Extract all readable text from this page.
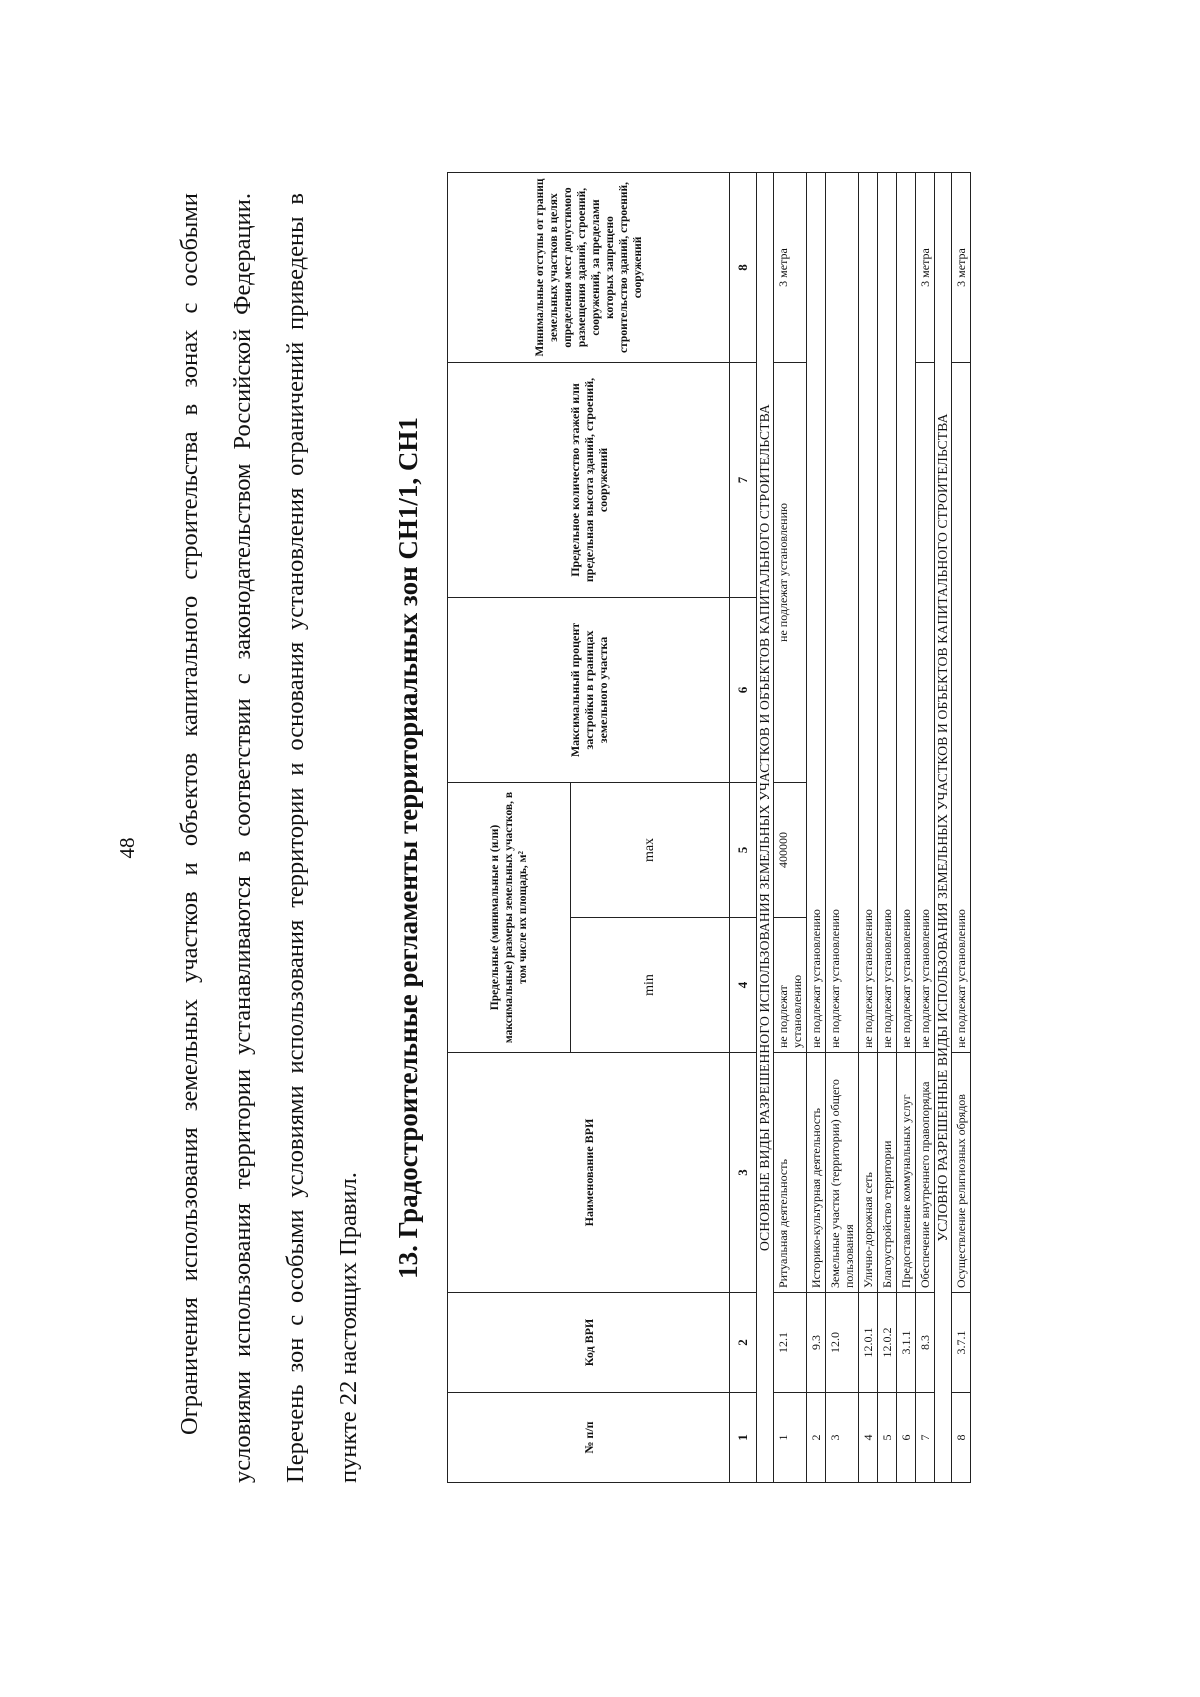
48	Ограничения использования земельных участков и объектов капитального строительства в зонах с особыми условиями использования территории устанавливаются в соответствии с законодательством Российской Федерации. Перечень зон с особыми условиями использования территории и основания установления ограничений приведены в пункте 22 настоящих Правил.

13. Градостроительные регламенты территориальных зон СН1/1, СН1
№ п/п	Код ВРИ	Наименование ВРИ	Предельные (минимальные и (или) максимальные) размеры земельных участков, в том числе их площадь, м²		Максимальный процент застройки в границах земельного участка	Предельное количество этажей или предельная высота зданий, строений, сооружений	Минимальные отступы от границ земельных участков в целях определения мест допустимого размещения зданий, строений, сооружений, за пределами которых запрещено строительство зданий, строений, сооружений
			min	max			
1	2	3	4	5	6	7	8
ОСНОВНЫЕ ВИДЫ РАЗРЕШЕННОГО ИСПОЛЬЗОВАНИЯ ЗЕМЕЛЬНЫХ УЧАСТКОВ И ОБЪЕКТОВ КАПИТАЛЬНОГО СТРОИТЕЛЬСТВА							
1	12.1	Ритуальная деятельность	не подлежат установлению	400000	не подлежат установлению		3 метра
2	9.3	Историко-культурная деятельность	не подлежат установлению				
3	12.0	Земельные участки (территории) общего пользования	не подлежат установлению				
4	12.0.1	Улично-дорожная сеть	не подлежат установлению				
5	12.0.2	Благоустройство территории	не подлежат установлению				
6	3.1.1	Предоставление коммунальных услуг	не подлежат установлению				
7	8.3	Обеспечение внутреннего правопорядка	не подлежат установлению				3 метра
УСЛОВНО РАЗРЕШЕННЫЕ ВИДЫ ИСПОЛЬЗОВАНИЯ ЗЕМЕЛЬНЫХ УЧАСТКОВ И ОБЪЕКТОВ КАПИТАЛЬНОГО СТРОИТЕЛЬСТВА							
8	3.7.1	Осуществление религиозных обрядов	не подлежат установлению				3 метра
